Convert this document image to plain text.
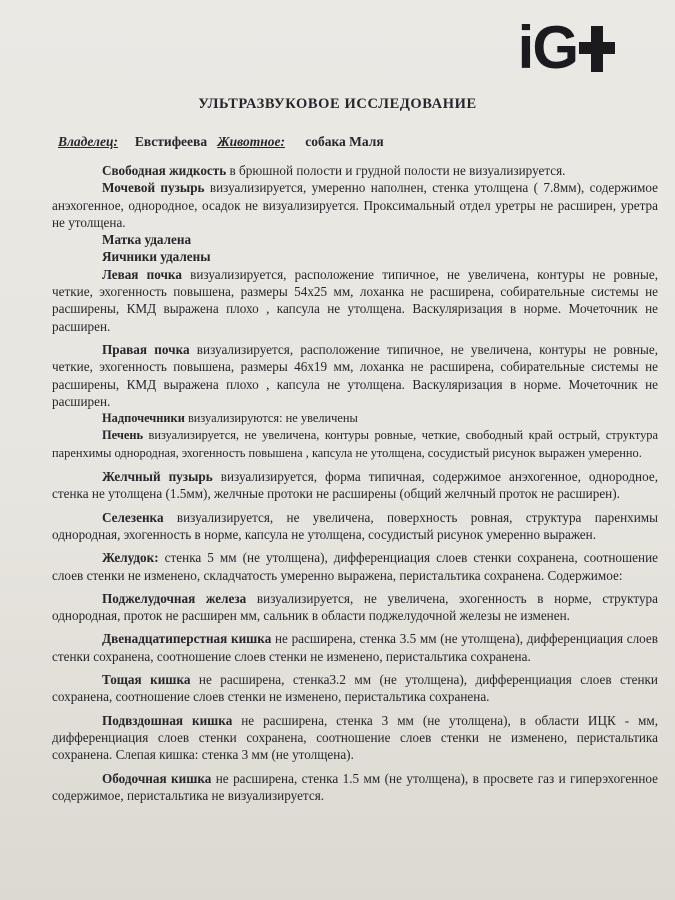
iG
УЛЬТРАЗВУКОВОЕ ИССЛЕДОВАНИЕ
Владелец: Евстифеева Животное: собака Маля

Свободная жидкость в брюшной полости и грудной полости не визуализируется.

Мочевой пузырь визуализируется, умеренно наполнен, стенка утолщена ( 7.8мм), содержимое анэхогенное, однородное, осадок не визуализируется. Проксимальный отдел уретры не расширен, уретра не утолщена.

Матка удалена

Яичники удалены

Левая почка визуализируется, расположение типичное, не увеличена, контуры не ровные, четкие, эхогенность повышена, размеры 54х25 мм, лоханка не расширена, собирательные системы не расширены, КМД выражена плохо , капсула не утолщена. Васкуляризация в норме. Мочеточник не расширен.

Правая почка визуализируется, расположение типичное, не увеличена, контуры не ровные, четкие, эхогенность повышена, размеры 46х19 мм, лоханка не расширена, собирательные системы не расширены, КМД выражена плохо , капсула не утолщена. Васкуляризация в норме. Мочеточник не расширен.

Надпочечники визуализируются: не увеличены

Печень визуализируется, не увеличена, контуры ровные, четкие, свободный край острый, структура паренхимы однородная, эхогенность повышена , капсула не утолщена, сосудистый рисунок выражен умеренно.

Желчный пузырь визуализируется, форма типичная, содержимое анэхогенное, однородное, стенка не утолщена (1.5мм), желчные протоки не расширены (общий желчный проток не расширен).

Селезенка визуализируется, не увеличена, поверхность ровная, структура паренхимы однородная, эхогенность в норме, капсула не утолщена, сосудистый рисунок умеренно выражен.

Желудок: стенка 5 мм (не утолщена), дифференциация слоев стенки сохранена, соотношение слоев стенки не изменено, складчатость умеренно выражена, перистальтика сохранена. Содержимое:

Поджелудочная железа визуализируется, не увеличена, эхогенность в норме, структура однородная, проток не расширен мм, сальник в области поджелудочной железы не изменен.

Двенадцатиперстная кишка не расширена, стенка 3.5 мм (не утолщена), дифференциация слоев стенки сохранена, соотношение слоев стенки не изменено, перистальтика сохранена.

Тощая кишка не расширена, стенка3.2 мм (не утолщена), дифференциация слоев стенки сохранена, соотношение слоев стенки не изменено, перистальтика сохранена.

Подвздошная кишка не расширена, стенка 3 мм (не утолщена), в области ИЦК - мм, дифференциация слоев стенки сохранена, соотношение слоев стенки не изменено, перистальтика сохранена. Слепая кишка: стенка 3 мм (не утолщена).

Ободочная кишка не расширена, стенка 1.5 мм (не утолщена), в просвете газ и гиперэхогенное содержимое, перистальтика не визуализируется.
